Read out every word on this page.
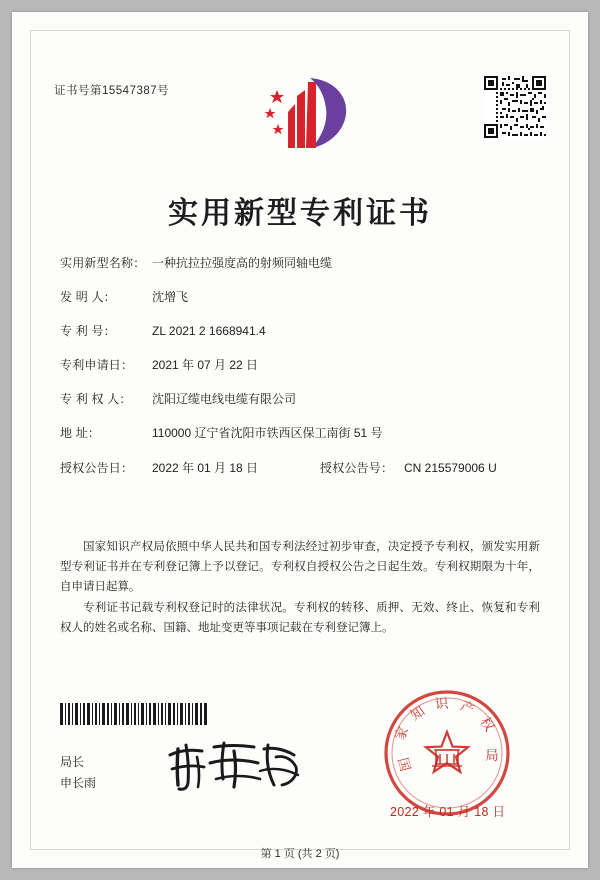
证书号第15547387号
实用新型专利证书
实用新型名称： 一种抗拉拉强度高的射频同轴电缆
发 明 人：	沈增飞
专 利 号：	ZL 2021 2 1668941.4
专利申请日：	2021 年 07 月 22 日
专 利 权 人：	沈阳辽缆电线电缆有限公司
地 址：	110000 辽宁省沈阳市铁西区保工南街 51 号
授权公告日：	2022 年 01 月 18 日	授权公告号： CN 215579006 U
国家知识产权局依照中华人民共和国专利法经过初步审查，决定授予专利权，颁发实用新型专利证书并在专利登记簿上予以登记。专利权自授权公告之日起生效。专利权期限为十年，自申请日起算。
专利证书记载专利权登记时的法律状况。专利权的转移、质押、无效、终止、恢复和专利权人的姓名或名称、国籍、地址变更等事项记载在专利登记簿上。
家 知 识 产 权
国
局
局长
申长雨
2022 年 01 月 18 日
第 1 页 (共 2 页)
